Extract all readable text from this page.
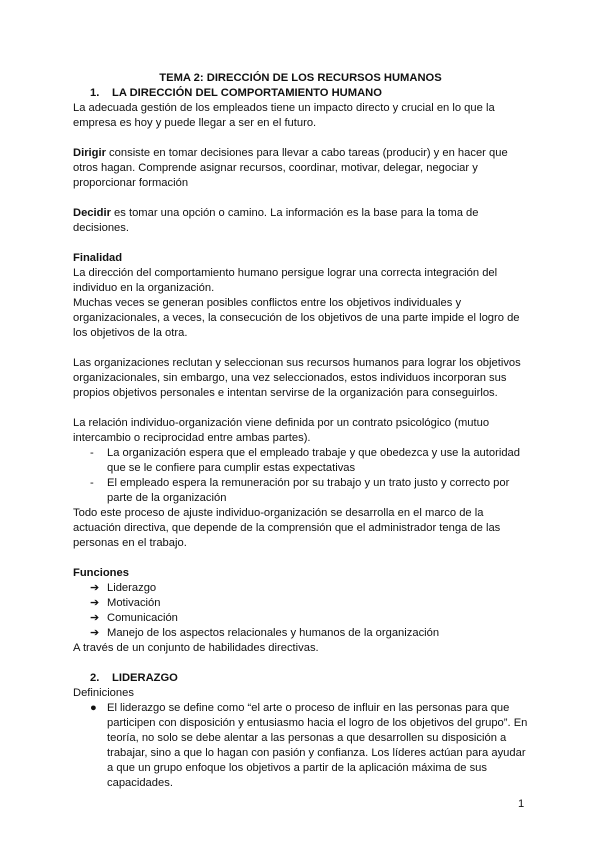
TEMA 2: DIRECCIÓN DE LOS RECURSOS HUMANOS

1.	LA DIRECCIÓN DEL COMPORTAMIENTO HUMANO

La adecuada gestión de los empleados tiene un impacto directo y crucial en lo que la empresa es hoy y puede llegar a ser en el futuro.

Dirigir consiste en tomar decisiones para llevar a cabo tareas (producir) y en hacer que otros hagan. Comprende asignar recursos, coordinar, motivar, delegar, negociar y proporcionar formación

Decidir es tomar una opción o camino. La información es la base para la toma de decisiones.

Finalidad

La dirección del comportamiento humano persigue lograr una correcta integración del individuo en la organización.

Muchas veces se generan posibles conflictos entre los objetivos individuales y organizacionales, a veces, la consecución de los objetivos de una parte impide el logro de los objetivos de la otra.

Las organizaciones reclutan y seleccionan sus recursos humanos para lograr los objetivos organizacionales, sin embargo, una vez seleccionados, estos individuos incorporan sus propios objetivos personales e intentan servirse de la organización para conseguirlos.

La relación individuo-organización viene definida por un contrato psicológico (mutuo intercambio o reciprocidad entre ambas partes).

-	La organización espera que el empleado trabaje y que obedezca y use la autoridad que se le confiere para cumplir estas expectativas
-	El empleado espera la remuneración por su trabajo y un trato justo y correcto por parte de la organización

Todo este proceso de ajuste individuo-organización se desarrolla en el marco de la actuación directiva, que depende de la comprensión que el administrador tenga de las personas en el trabajo.

Funciones

➔ Liderazgo
➔ Motivación
➔ Comunicación
➔ Manejo de los aspectos relacionales y humanos de la organización

A través de un conjunto de habilidades directivas.

2.	LIDERAZGO

Definiciones

● El liderazgo se define como “el arte o proceso de influir en las personas para que participen con disposición y entusiasmo hacia el logro de los objetivos del grupo”. En teoría, no solo se debe alentar a las personas a que desarrollen su disposición a trabajar, sino a que lo hagan con pasión y confianza. Los líderes actúan para ayudar a que un grupo enfoque los objetivos a partir de la aplicación máxima de sus capacidades.
1
